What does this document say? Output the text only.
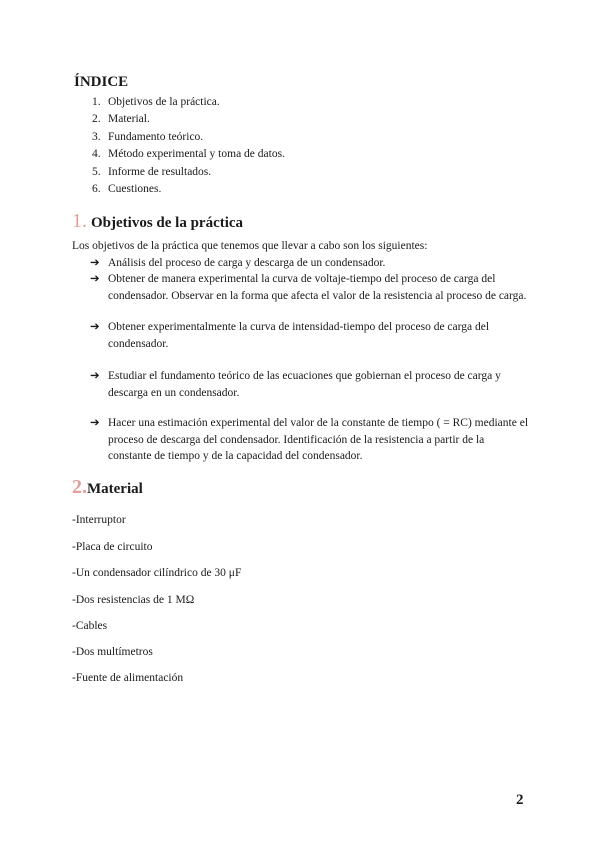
ÍNDICE
1. Objetivos de la práctica.
2. Material.
3. Fundamento teórico.
4. Método experimental y toma de datos.
5. Informe de resultados.
6. Cuestiones.
1. Objetivos de la práctica
Los objetivos de la práctica que tenemos que llevar a cabo son los siguientes:
➔ Análisis del proceso de carga y descarga de un condensador.
➔ Obtener de manera experimental la curva de voltaje-tiempo del proceso de carga del condensador. Observar en la forma que afecta el valor de la resistencia al proceso de carga.
➔ Obtener experimentalmente la curva de intensidad-tiempo del proceso de carga del condensador.
➔ Estudiar el fundamento teórico de las ecuaciones que gobiernan el proceso de carga y descarga en un condensador.
➔ Hacer una estimación experimental del valor de la constante de tiempo ( = RC) mediante el proceso de descarga del condensador. Identificación de la resistencia a partir de la constante de tiempo y de la capacidad del condensador.
2.Material
-Interruptor
-Placa de circuito
-Un condensador cilíndrico de 30 μF
-Dos resistencias de 1 MΩ
-Cables
-Dos multímetros
-Fuente de alimentación
2
